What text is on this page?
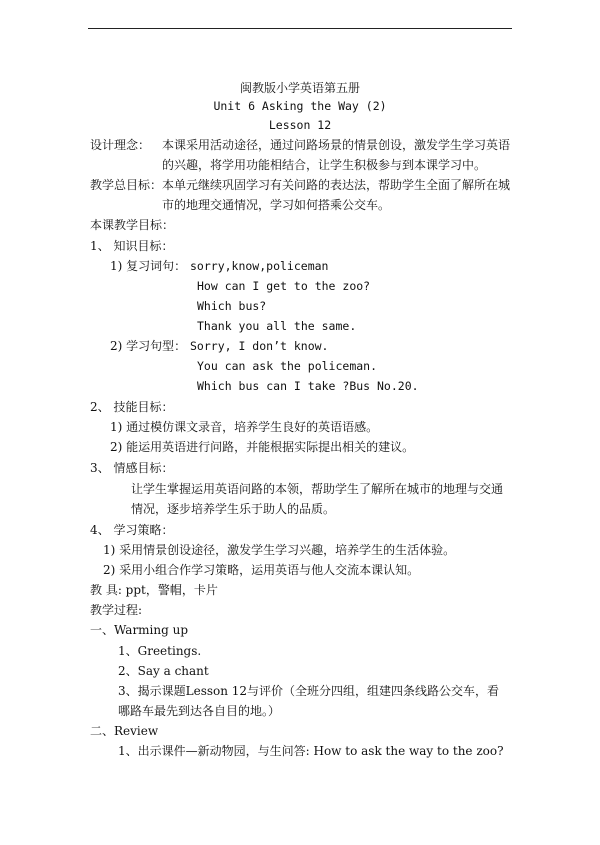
闽教版小学英语第五册
Unit 6 Asking the Way (2)
Lesson 12
设计理念： 本课采用活动途径，通过问路场景的情景创设，激发学生学习英语
的兴趣，将学用功能相结合，让学生积极参与到本课学习中。
教学总目标： 本单元继续巩固学习有关问路的表达法，帮助学生全面了解所在城
市的地理交通情况，学习如何搭乘公交车。
本课教学目标：
1、 知识目标：
1) 复习词句： sorry,know,policeman
How can I get to the zoo?
Which bus?
Thank you all the same.
2) 学习句型： Sorry, I don’t know.
You can ask the policeman.
Which bus can I take ?Bus No.20.
2、 技能目标：
1) 通过模仿课文录音，培养学生良好的英语语感。
2) 能运用英语进行问路，并能根据实际提出相关的建议。
3、 情感目标：
让学生掌握运用英语问路的本领，帮助学生了解所在城市的地理与交通
情况，逐步培养学生乐于助人的品质。
4、 学习策略：
1) 采用情景创设途径，激发学生学习兴趣，培养学生的生活体验。
2) 采用小组合作学习策略，运用英语与他人交流本课认知。
教 具: ppt，警帽，卡片
教学过程:
一、Warming up
1、Greetings.
2、Say a chant
3、揭示课题Lesson 12与评价（全班分四组，组建四条线路公交车，看
哪路车最先到达各自目的地。）
二、Review
1、出示课件—新动物园，与生问答: How to ask the way to the zoo?
